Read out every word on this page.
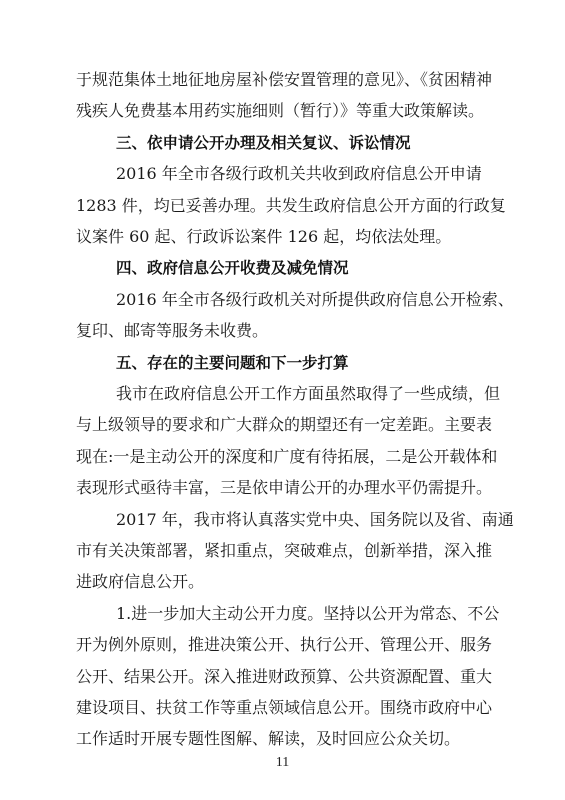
于规范集体土地征地房屋补偿安置管理的意见》、《贫困精神
残疾人免费基本用药实施细则（暂行）》等重大政策解读。
三、依申请公开办理及相关复议、诉讼情况
2016 年全市各级行政机关共收到政府信息公开申请
1283 件，均已妥善办理。共发生政府信息公开方面的行政复
议案件 60 起、行政诉讼案件 126 起，均依法处理。
四、政府信息公开收费及减免情况
2016 年全市各级行政机关对所提供政府信息公开检索、
复印、邮寄等服务未收费。
五、存在的主要问题和下一步打算
我市在政府信息公开工作方面虽然取得了一些成绩，但
与上级领导的要求和广大群众的期望还有一定差距。主要表
现在:一是主动公开的深度和广度有待拓展，二是公开载体和
表现形式亟待丰富，三是依申请公开的办理水平仍需提升。
2017 年，我市将认真落实党中央、国务院以及省、南通
市有关决策部署，紧扣重点，突破难点，创新举措，深入推
进政府信息公开。
1.进一步加大主动公开力度。坚持以公开为常态、不公
11
开为例外原则，推进决策公开、执行公开、管理公开、服务
公开、结果公开。深入推进财政预算、公共资源配置、重大
建设项目、扶贫工作等重点领域信息公开。围绕市政府中心
工作适时开展专题性图解、解读，及时回应公众关切。
